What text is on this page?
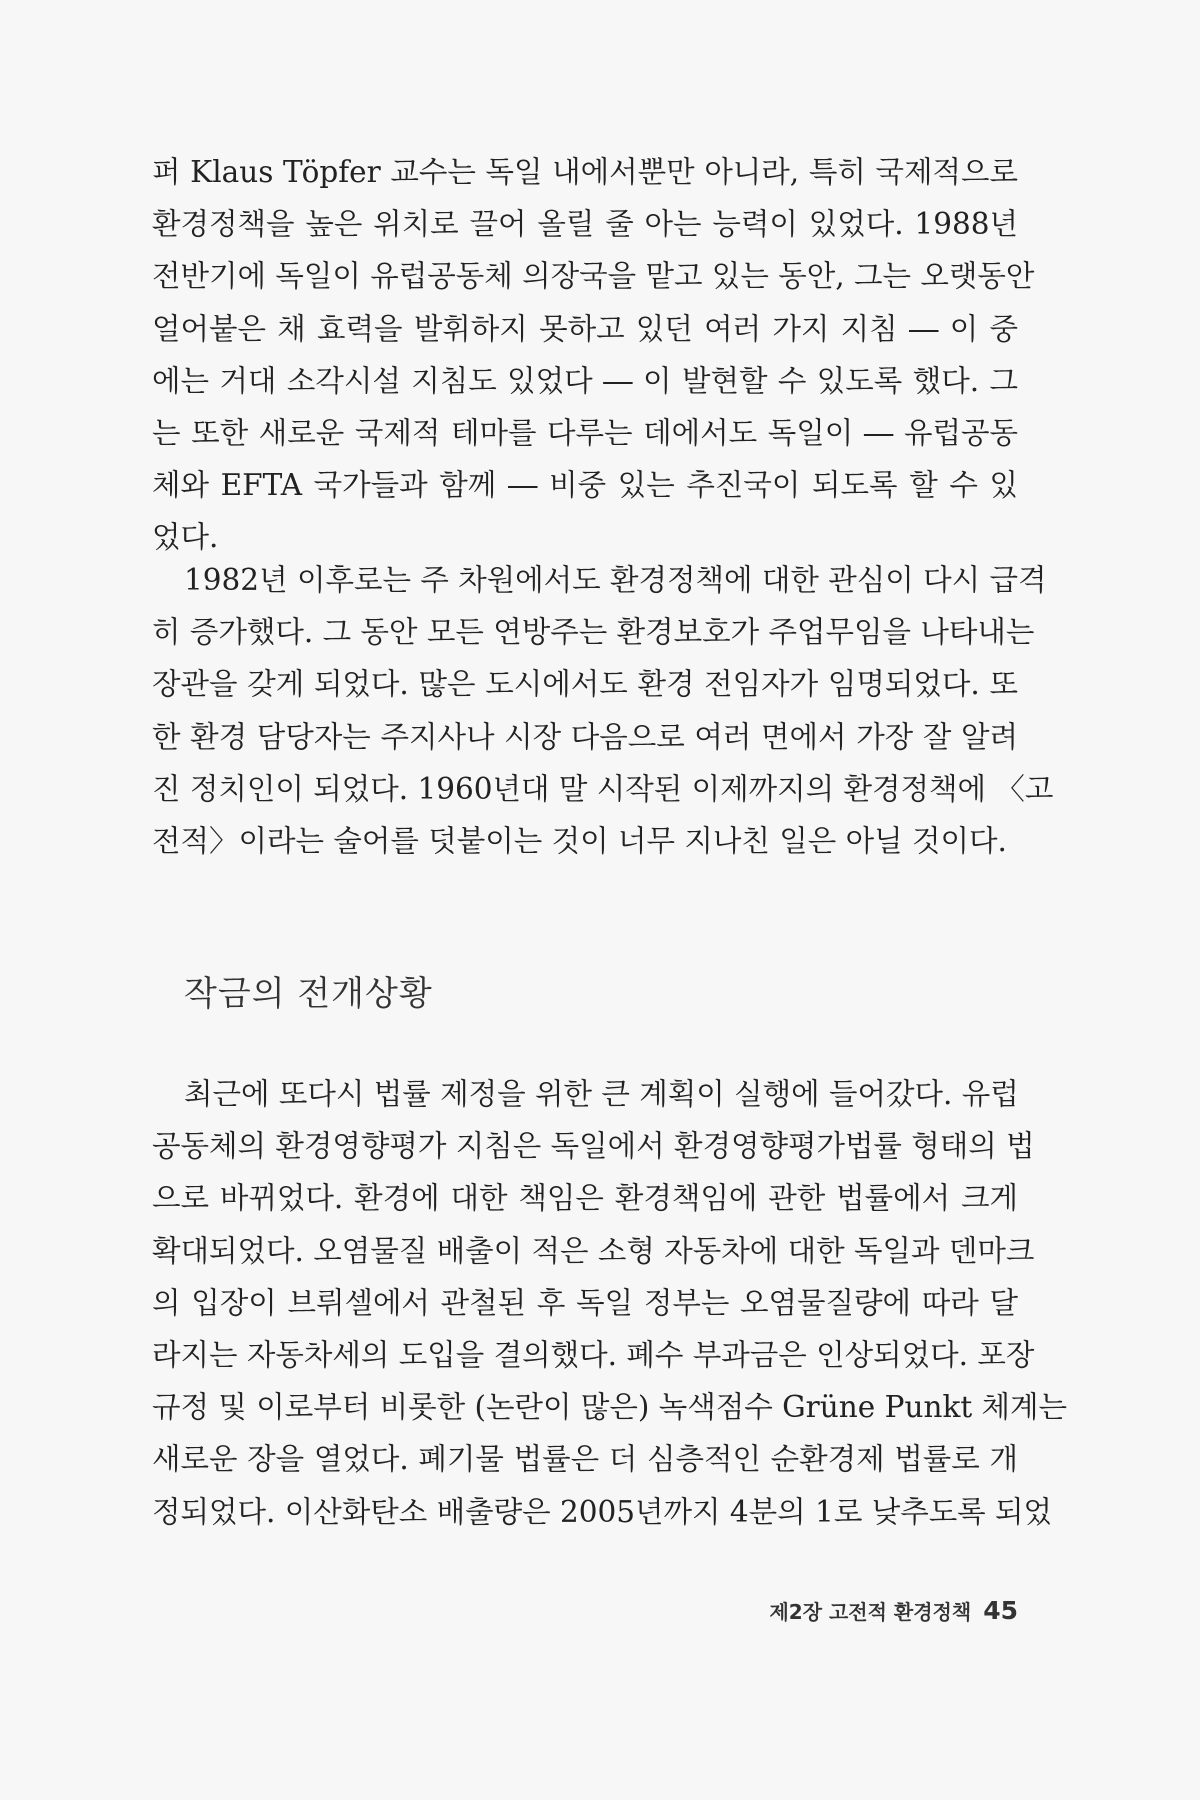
퍼 Klaus Töpfer 교수는 독일 내에서뿐만 아니라, 특히 국제적으로
환경정책을 높은 위치로 끌어 올릴 줄 아는 능력이 있었다. 1988년
전반기에 독일이 유럽공동체 의장국을 맡고 있는 동안, 그는 오랫동안
얼어붙은 채 효력을 발휘하지 못하고 있던 여러 가지 지침 ― 이 중
에는 거대 소각시설 지침도 있었다 ― 이 발현할 수 있도록 했다. 그
는 또한 새로운 국제적 테마를 다루는 데에서도 독일이 ― 유럽공동
체와 EFTA 국가들과 함께 ― 비중 있는 추진국이 되도록 할 수 있
었다.
1982년 이후로는 주 차원에서도 환경정책에 대한 관심이 다시 급격
히 증가했다. 그 동안 모든 연방주는 환경보호가 주업무임을 나타내는
장관을 갖게 되었다. 많은 도시에서도 환경 전임자가 임명되었다. 또
한 환경 담당자는 주지사나 시장 다음으로 여러 면에서 가장 잘 알려
진 정치인이 되었다. 1960년대 말 시작된 이제까지의 환경정책에 〈고
전적〉이라는 술어를 덧붙이는 것이 너무 지나친 일은 아닐 것이다.
작금의 전개상황
최근에 또다시 법률 제정을 위한 큰 계획이 실행에 들어갔다. 유럽
공동체의 환경영향평가 지침은 독일에서 환경영향평가법률 형태의 법
으로 바뀌었다. 환경에 대한 책임은 환경책임에 관한 법률에서 크게
확대되었다. 오염물질 배출이 적은 소형 자동차에 대한 독일과 덴마크
의 입장이 브뤼셀에서 관철된 후 독일 정부는 오염물질량에 따라 달
라지는 자동차세의 도입을 결의했다. 폐수 부과금은 인상되었다. 포장
규정 및 이로부터 비롯한 (논란이 많은) 녹색점수 Grüne Punkt 체계는
새로운 장을 열었다. 폐기물 법률은 더 심층적인 순환경제 법률로 개
정되었다. 이산화탄소 배출량은 2005년까지 4분의 1로 낮추도록 되었
제2장 고전적 환경정책 45
